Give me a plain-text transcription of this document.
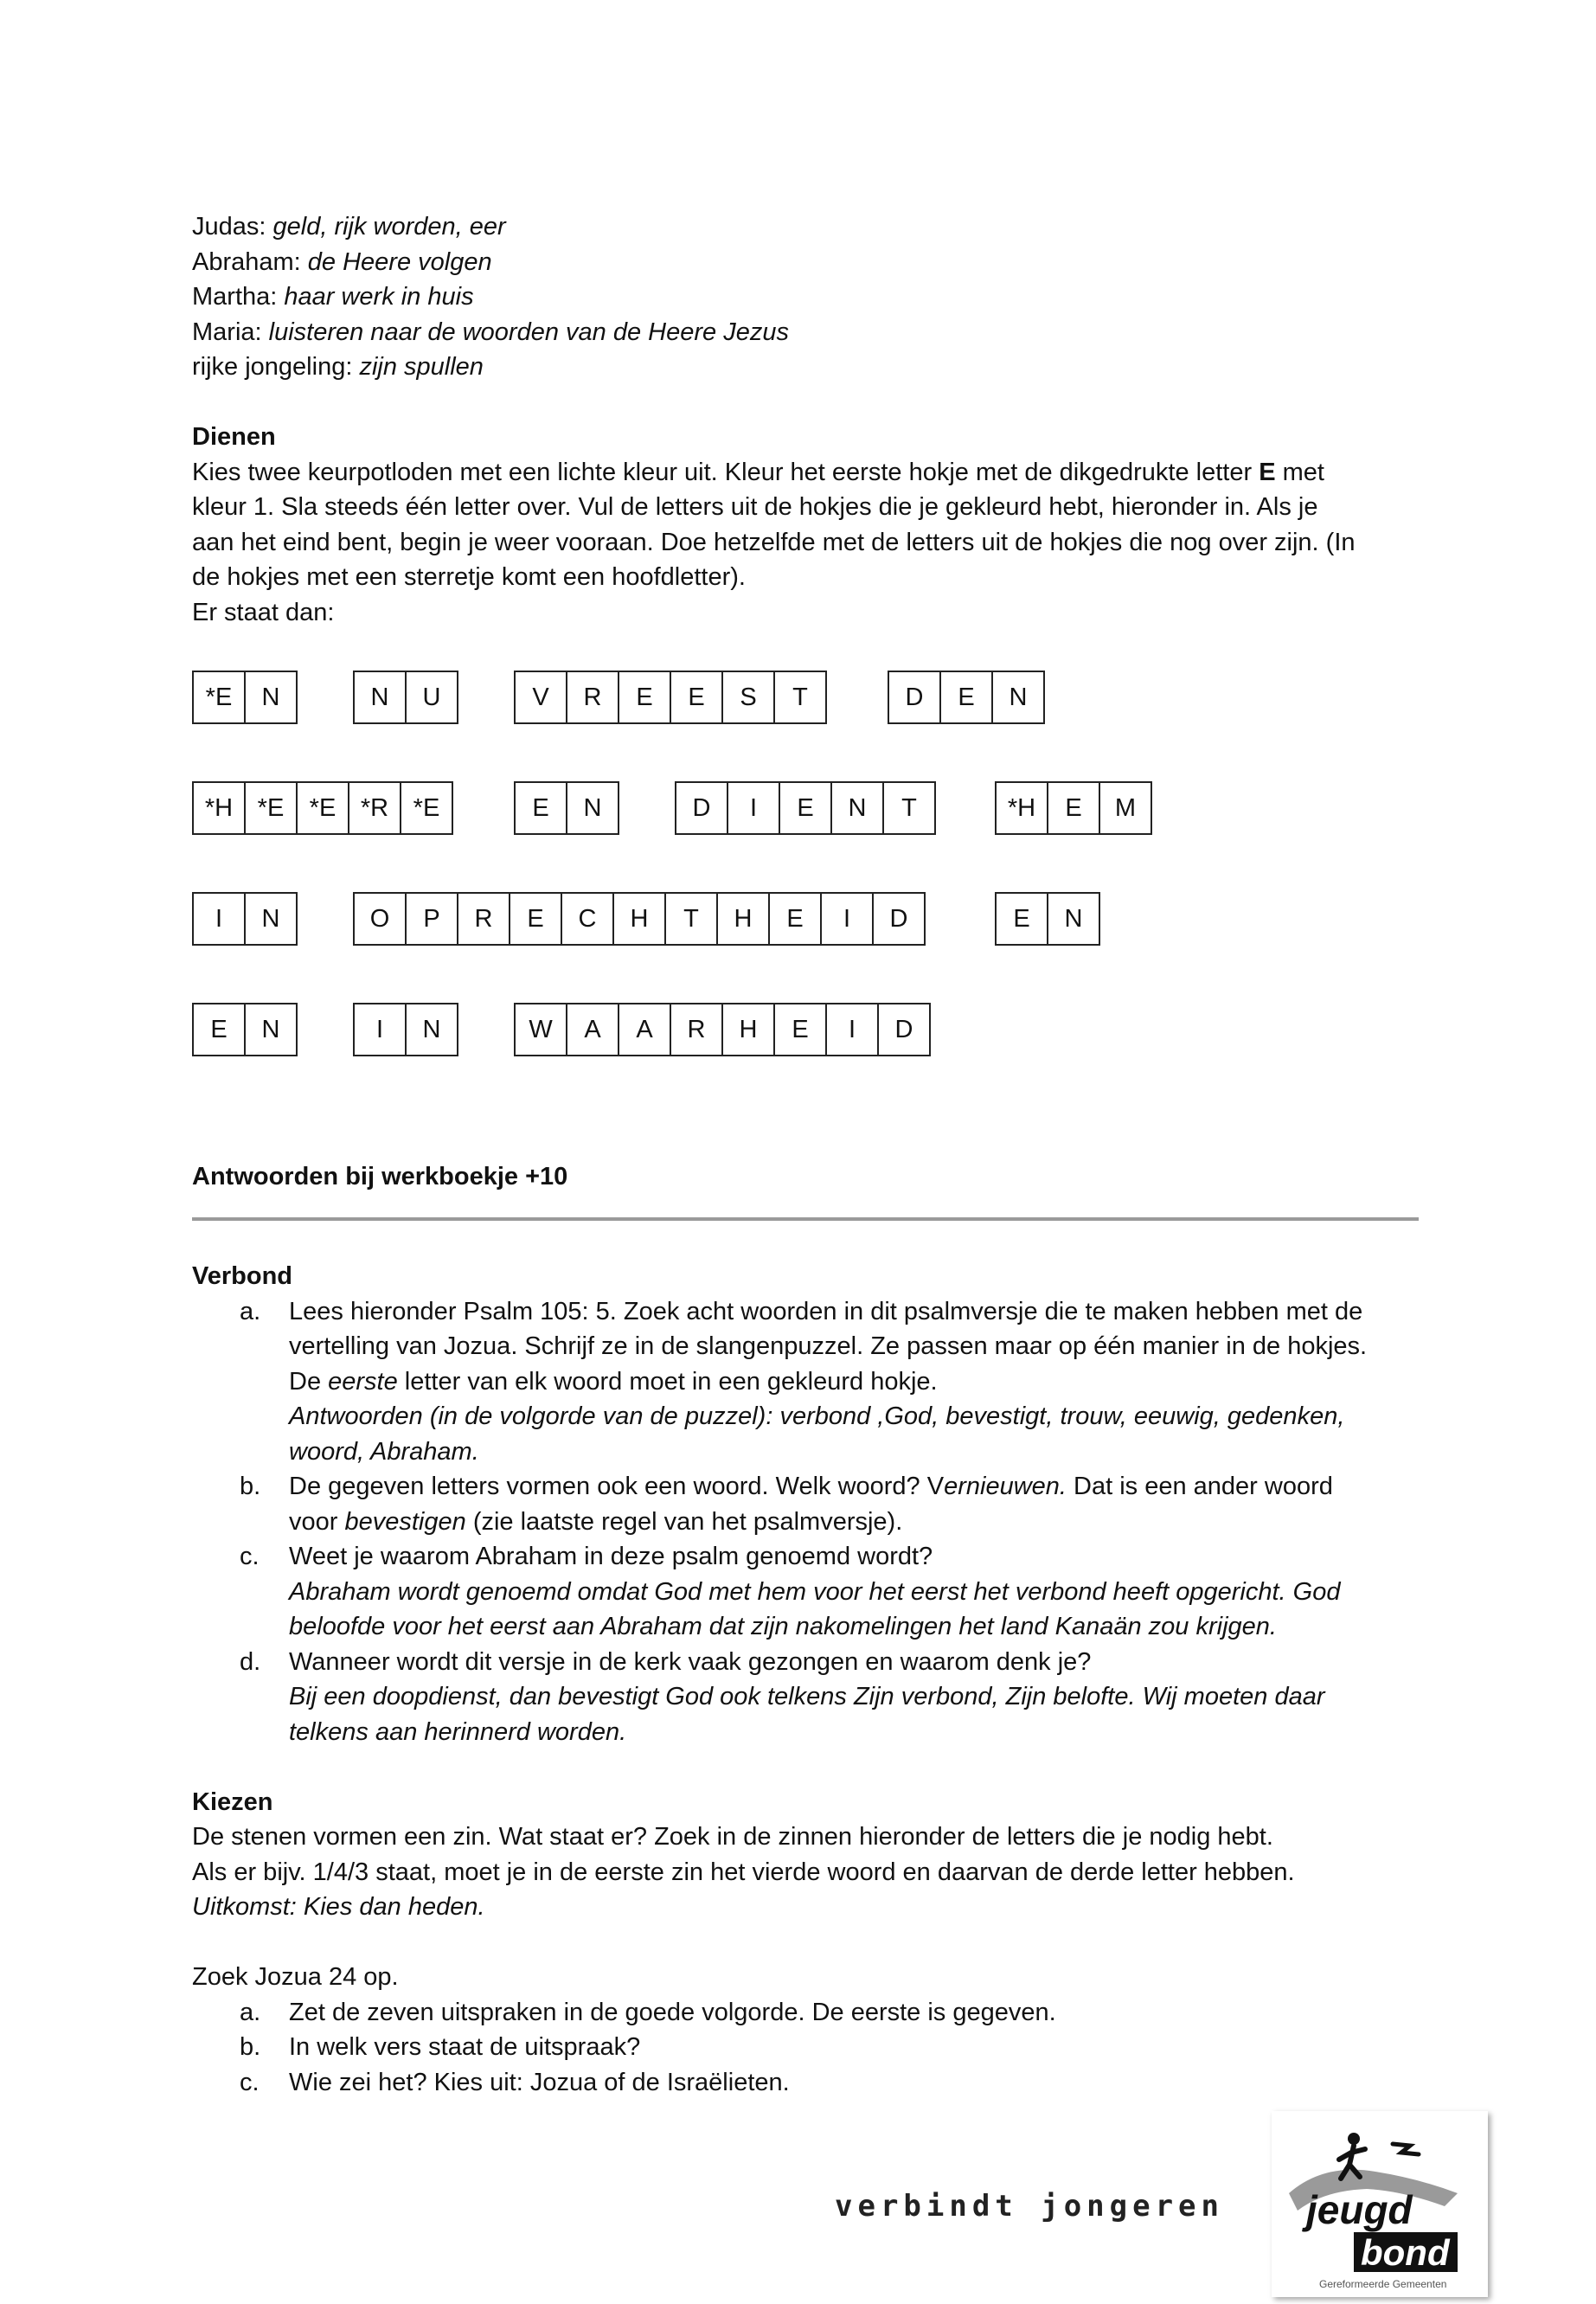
Judas: geld, rijk worden, eer
Abraham: de Heere volgen
Martha: haar werk in huis
Maria: luisteren naar de woorden van de Heere Jezus
rijke jongeling: zijn spullen
Dienen
Kies twee keurpotloden met een lichte kleur uit. Kleur het eerste hokje met de dikgedrukte letter E met
kleur 1. Sla steeds één letter over. Vul de letters uit de hokjes die je gekleurd hebt, hieronder in. Als je
aan het eind bent, begin je weer vooraan. Doe hetzelfde met de letters uit de hokjes die nog over zijn. (In
de hokjes met een sterretje komt een hoofdletter).
Er staat dan:
*E	N	N	U	V	R	E	E	S	T	D	E	N
*H *E	*E *R *E	E	N	D	I	E	N	T	*H	E	M
I	N	O	P	R	E	C	H	T	H	E	I	D	E	N
E	N	I	N	W	A	A	R	H	E	I	D
Antwoorden bij werkboekje +10
Verbond
a. Lees hieronder Psalm 105: 5. Zoek acht woorden in dit psalmversje die te maken hebben met de
vertelling van Jozua. Schrijf ze in de slangenpuzzel. Ze passen maar op één manier in de hokjes.
De eerste letter van elk woord moet in een gekleurd hokje.
Antwoorden (in de volgorde van de puzzel): verbond ,God, bevestigt, trouw, eeuwig, gedenken,
woord, Abraham.
b. De gegeven letters vormen ook een woord. Welk woord? Vernieuwen. Dat is een ander woord
voor bevestigen (zie laatste regel van het psalmversje).
c. Weet je waarom Abraham in deze psalm genoemd wordt?
Abraham wordt genoemd omdat God met hem voor het eerst het verbond heeft opgericht. God
beloofde voor het eerst aan Abraham dat zijn nakomelingen het land Kanaän zou krijgen.
d. Wanneer wordt dit versje in de kerk vaak gezongen en waarom denk je?
Bij een doopdienst, dan bevestigt God ook telkens Zijn verbond, Zijn belofte. Wij moeten daar
telkens aan herinnerd worden.
Kiezen
De stenen vormen een zin. Wat staat er? Zoek in de zinnen hieronder de letters die je nodig hebt.
Als er bijv. 1/4/3 staat, moet je in de eerste zin het vierde woord en daarvan de derde letter hebben.
Uitkomst: Kies dan heden.
Zoek Jozua 24 op.
a. Zet de zeven uitspraken in de goede volgorde. De eerste is gegeven.
b. In welk vers staat de uitspraak?
c. Wie zei het? Kies uit: Jozua of de Israëlieten.
verbindt jongeren jeugd
bond
Gereformeerde Gemeenten
